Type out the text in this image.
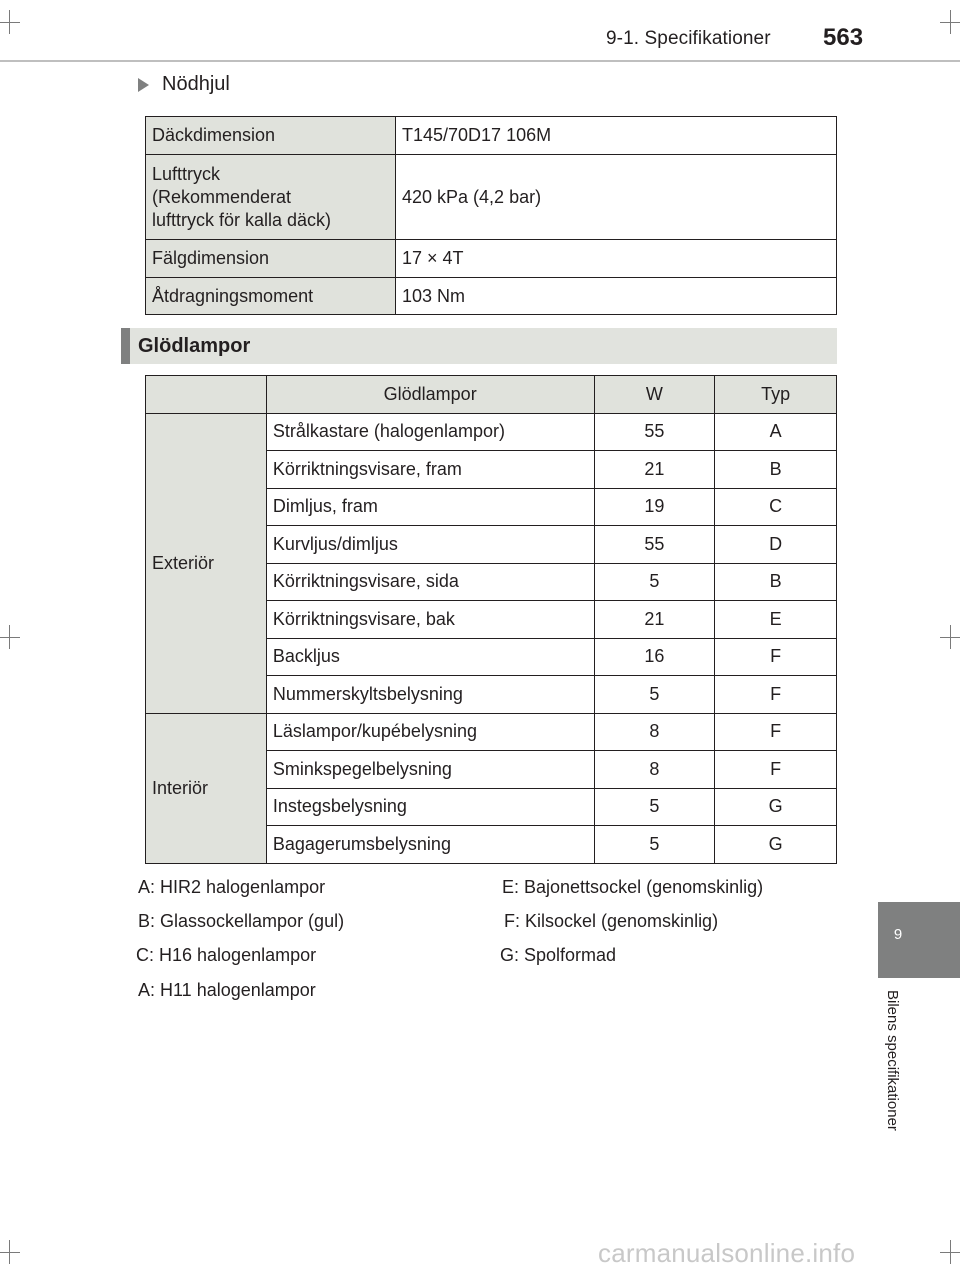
9-1. Specifikationer 563
9
Bilens specifikationer
Nödhjul
Däckdimension	T145/70D17 106M
Lufttryck
(Rekommenderat
lufttryck för kalla däck)	420 kPa (4,2 bar)
Fälgdimension	17 × 4T
Åtdragningsmoment	103 Nm
Glödlampor
	Glödlampor	W	Typ
Exteriör	Strålkastare (halogenlampor)	55	A
	Körriktningsvisare, fram	21	B
	Dimljus, fram	19	C
	Kurvljus/dimljus	55	D
	Körriktningsvisare, sida	5	B
	Körriktningsvisare, bak	21	E
	Backljus	16	F
	Nummerskyltsbelysning	5	F
Interiör	Läslampor/kupébelysning	8	F
	Sminkspegelbelysning	8	F
	Instegsbelysning	5	G
	Bagagerumsbelysning	5	G
A: HIR2 halogenlampor
B: Glassockellampor (gul)
C: H16 halogenlampor
A: H11 halogenlampor
E: Bajonettsockel (genomskinlig)
F: Kilsockel (genomskinlig)
G: Spolformad
carmanualsonline.info
